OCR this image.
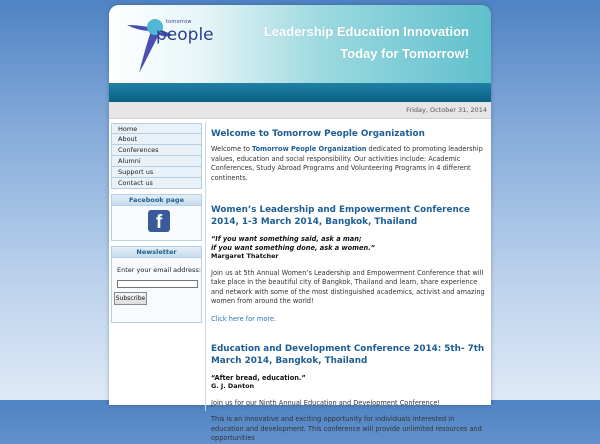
tomorrow
people	Leadership Education Innovation
Today for Tomorrow!
Friday, October 31, 2014
Home
About
Conferences
Alumni
Support us
Contact us
Facebook page
f
Newsletter
Enter your email address:
Subscribe
Welcome to Tomorrow People Organization

Welcome to Tomorrow People Organization dedicated to promoting leadership values, education and social responsibility. Our activities include: Academic Conferences, Study Abroad Programs and Volunteering Programs in 4 different continents.

Women’s Leadership and Empowerment Conference 2014, 1-3 March 2014, Bangkok, Thailand
“If you want something said, ask a man;
if you want something done, ask a women.”
Margaret Thatcher

Join us at 5th Annual Women’s Leadership and Empowerment Conference that will take place in the beautiful city of Bangkok, Thailand and learn, share experience and network with some of the most distinguished academics, activist and amazing women from around the world!

Click here for more.
Education and Development Conference 2014: 5th- 7th March 2014, Bangkok, Thailand
“After bread, education.”
G. J. Danton

Join us for our Ninth Annual Education and Development Conference!

This is an innovative and exciting opportunity for individuals interested in education and development. This conference will provide unlimited resources and opportunities
